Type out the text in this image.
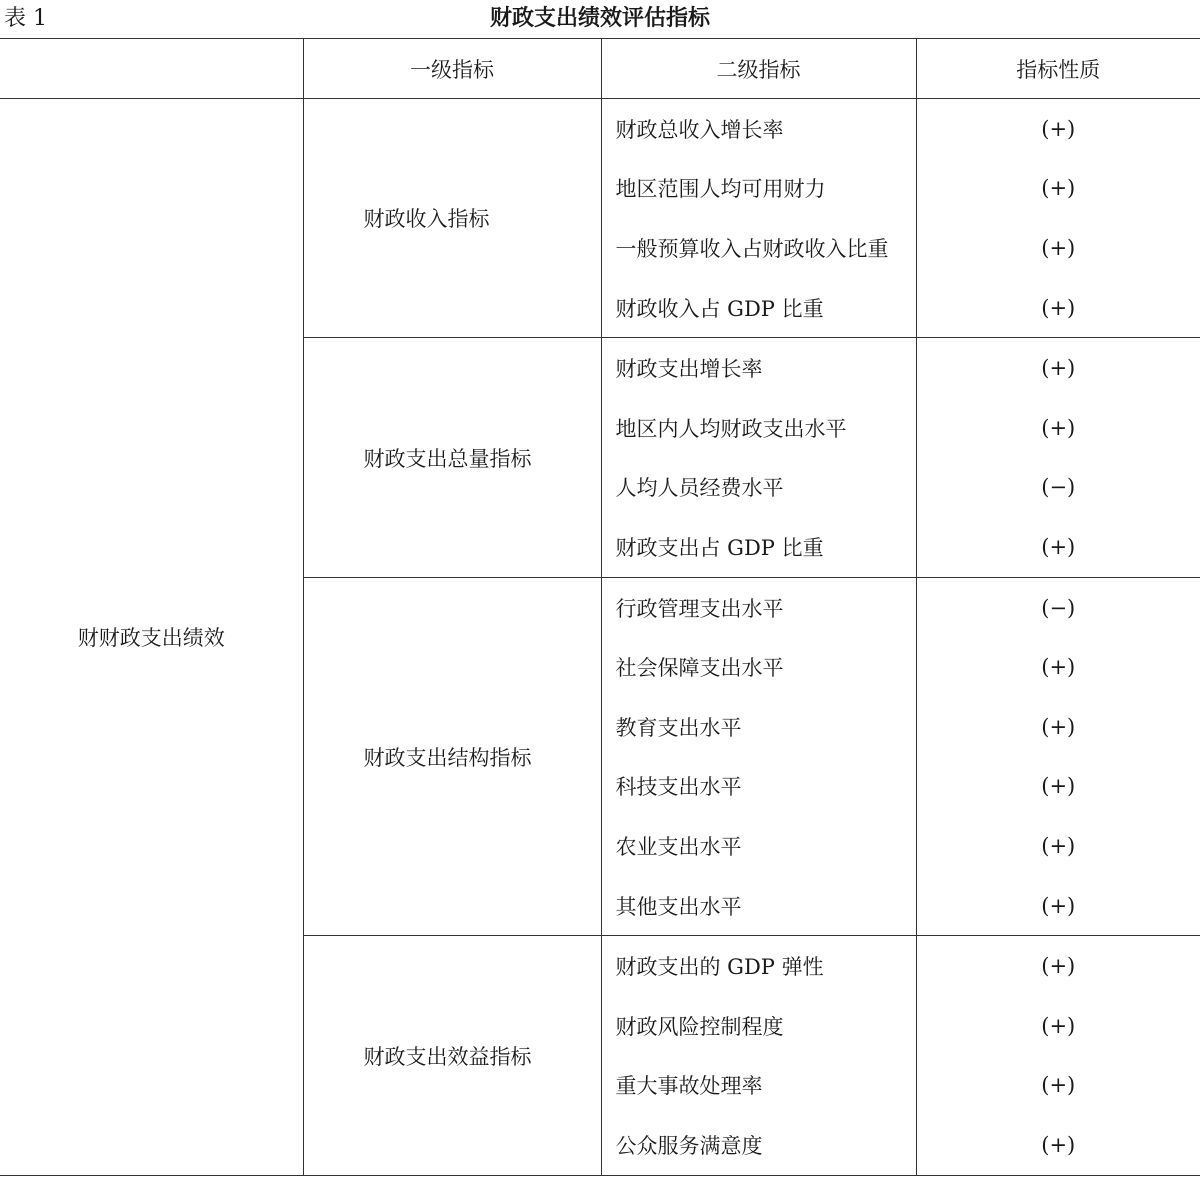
表 1	财政支出绩效评估指标
	一级指标	二级指标	指标性质
财财政支出绩效	财政收入指标	财政总收入增长率	(+)
		地区范围人均可用财力	(+)
		一般预算收入占财政收入比重	(+)
		财政收入占 GDP 比重	(+)
	财政支出总量指标	财政支出增长率	(+)
		地区内人均财政支出水平	(+)
		人均人员经费水平	(−)
		财政支出占 GDP 比重	(+)
	财政支出结构指标	行政管理支出水平	(−)
		社会保障支出水平	(+)
		教育支出水平	(+)
		科技支出水平	(+)
		农业支出水平	(+)
		其他支出水平	(+)
	财政支出效益指标	财政支出的 GDP 弹性	(+)
		财政风险控制程度	(+)
		重大事故处理率	(+)
		公众服务满意度	(+)
